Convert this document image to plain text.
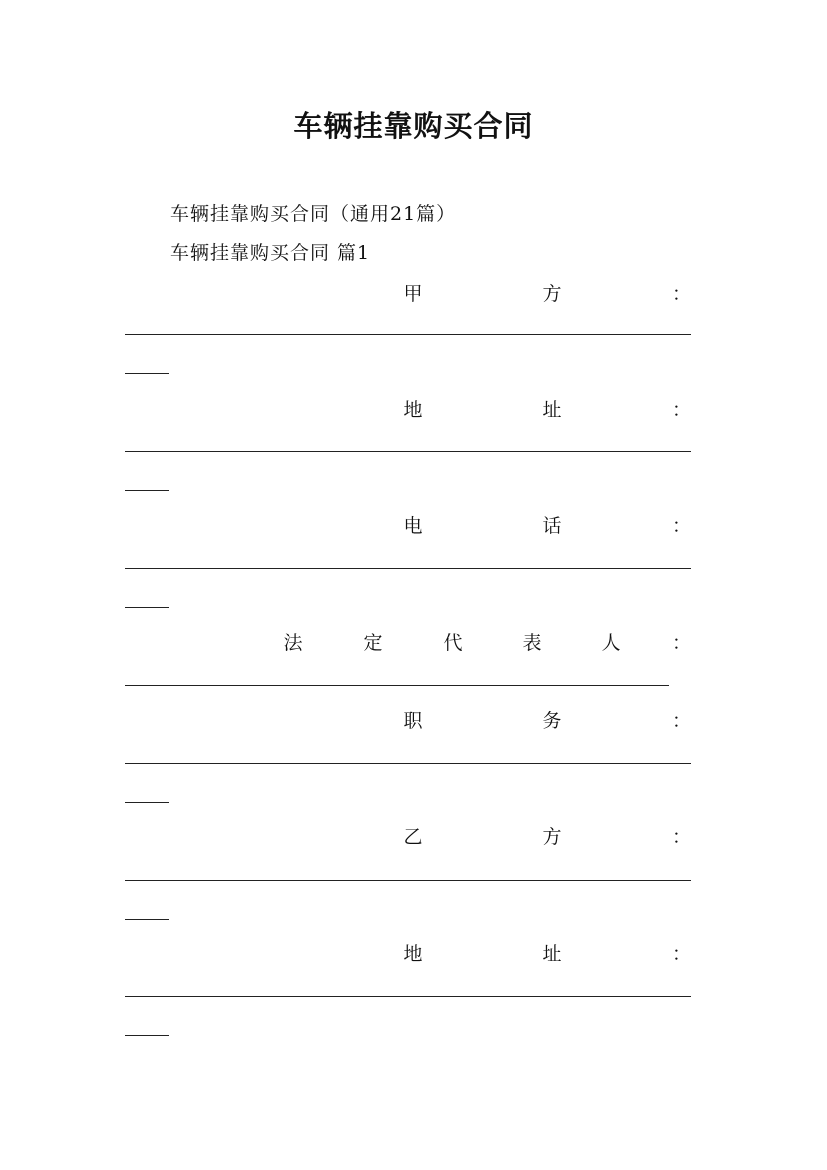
车辆挂靠购买合同
车辆挂靠购买合同（通用21篇）
车辆挂靠购买合同 篇1
甲	方	：
地	址	：
电	话	：
法	定	代	表	人	：
职	务	：
乙	方	：
地	址	：
